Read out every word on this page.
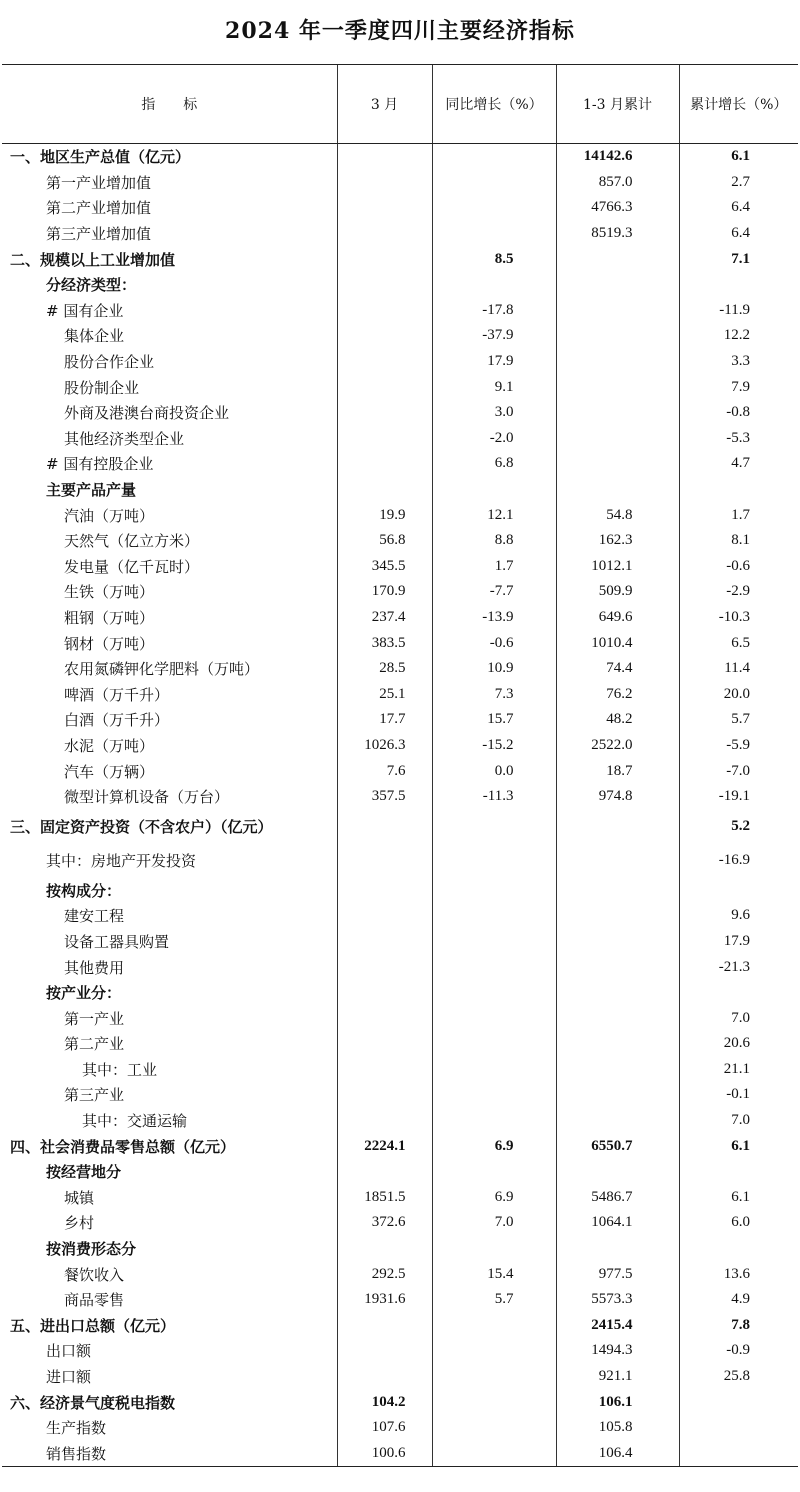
2024 年一季度四川主要经济指标
指　　标	3 月	同比增长（%）	1-3 月累计	累计增长（%）
一、地区生产总值（亿元）			14142.6	6.1
第一产业增加值			857.0	2.7
第二产业增加值			4766.3	6.4
第三产业增加值			8519.3	6.4
二、规模以上工业增加值		8.5		7.1
分经济类型：				
# 国有企业		-17.8		-11.9
集体企业		-37.9		12.2
股份合作企业		17.9		3.3
股份制企业		9.1		7.9
外商及港澳台商投资企业		3.0		-0.8
其他经济类型企业		-2.0		-5.3
# 国有控股企业		6.8		4.7
主要产品产量				
汽油（万吨）	19.9	12.1	54.8	1.7
天然气（亿立方米）	56.8	8.8	162.3	8.1
发电量（亿千瓦时）	345.5	1.7	1012.1	-0.6
生铁（万吨）	170.9	-7.7	509.9	-2.9
粗钢（万吨）	237.4	-13.9	649.6	-10.3
钢材（万吨）	383.5	-0.6	1010.4	6.5
农用氮磷钾化学肥料（万吨）	28.5	10.9	74.4	11.4
啤酒（万千升）	25.1	7.3	76.2	20.0
白酒（万千升）	17.7	15.7	48.2	5.7
水泥（万吨）	1026.3	-15.2	2522.0	-5.9
汽车（万辆）	7.6	0.0	18.7	-7.0
微型计算机设备（万台）	357.5	-11.3	974.8	-19.1
三、固定资产投资（不含农户）（亿元）				5.2
其中：房地产开发投资				-16.9
按构成分：				
建安工程				9.6
设备工器具购置				17.9
其他费用				-21.3
按产业分：				
第一产业				7.0
第二产业				20.6
其中：工业				21.1
第三产业				-0.1
其中：交通运输				7.0
四、社会消费品零售总额（亿元）	2224.1	6.9	6550.7	6.1
按经营地分				
城镇	1851.5	6.9	5486.7	6.1
乡村	372.6	7.0	1064.1	6.0
按消费形态分				
餐饮收入	292.5	15.4	977.5	13.6
商品零售	1931.6	5.7	5573.3	4.9
五、进出口总额（亿元）			2415.4	7.8
出口额			1494.3	-0.9
进口额			921.1	25.8
六、经济景气度税电指数	104.2		106.1	
生产指数	107.6		105.8	
销售指数	100.6		106.4	
